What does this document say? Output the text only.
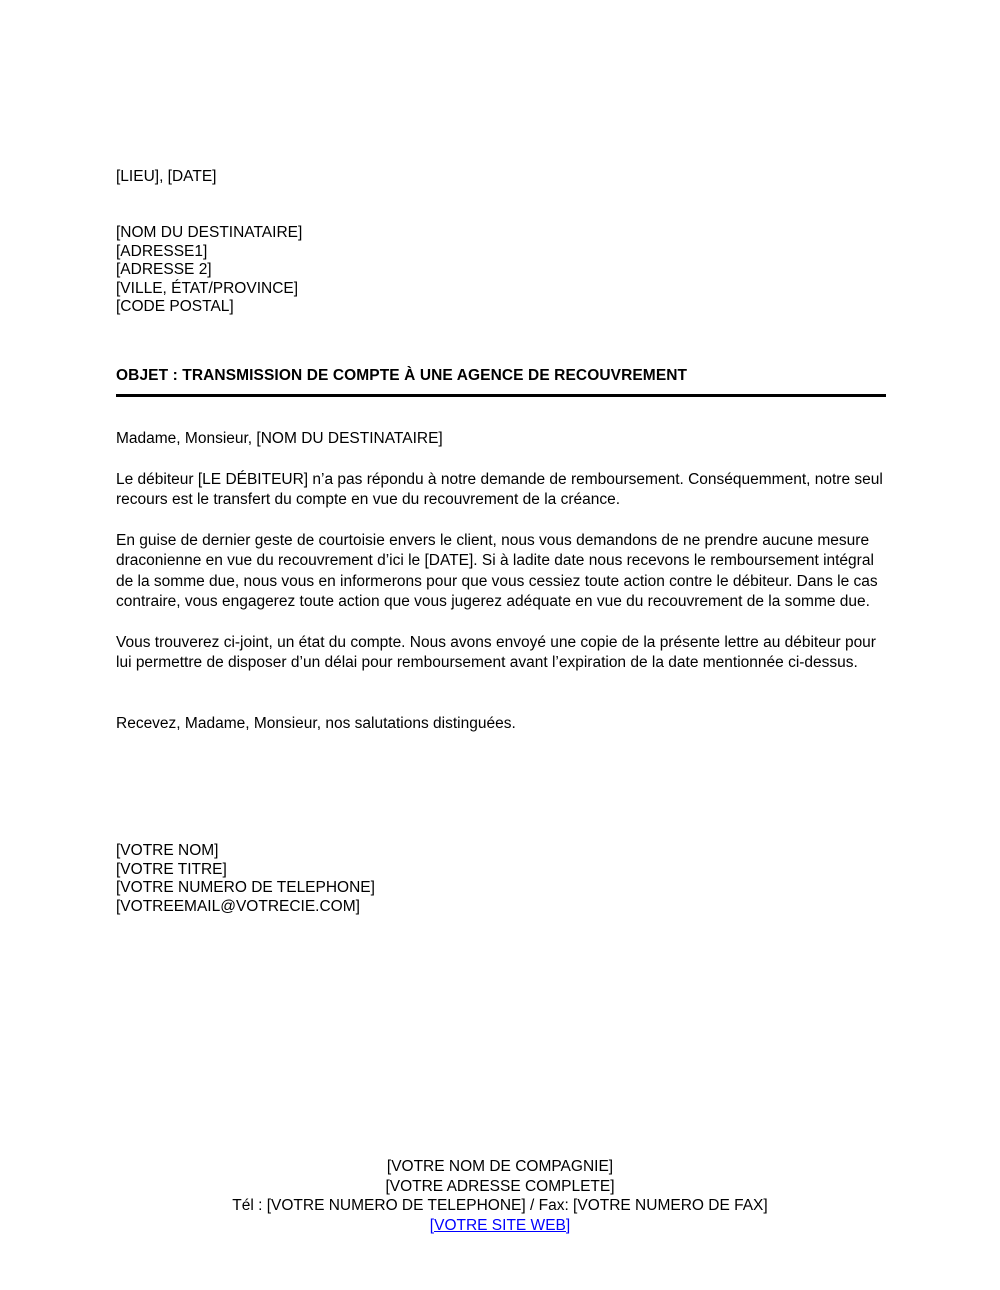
[LIEU], [DATE]
[NOM DU DESTINATAIRE]
[ADRESSE1]
[ADRESSE 2]
[VILLE, ÉTAT/PROVINCE]
[CODE POSTAL]
OBJET : TRANSMISSION DE COMPTE À UNE AGENCE DE RECOUVREMENT

Madame, Monsieur, [NOM DU DESTINATAIRE]

Le débiteur [LE DÉBITEUR] n’a pas répondu à notre demande de remboursement. Conséquemment, notre seul recours est le transfert du compte en vue du recouvrement de la créance.

En guise de dernier geste de courtoisie envers le client, nous vous demandons de ne prendre aucune mesure draconienne en vue du recouvrement d’ici le [DATE]. Si à ladite date nous recevons le remboursement intégral de la somme due, nous vous en informerons pour que vous cessiez toute action contre le débiteur. Dans le cas contraire, vous engagerez toute action que vous jugerez adéquate en vue du recouvrement de la somme due.

Vous trouverez ci-joint, un état du compte. Nous avons envoyé une copie de la présente lettre au débiteur pour lui permettre de disposer d’un délai pour remboursement avant l’expiration de la date mentionnée ci-dessus.

Recevez, Madame, Monsieur, nos salutations distinguées.

[VOTRE NOM]
[VOTRE TITRE]
[VOTRE NUMERO DE TELEPHONE]
[VOTREEMAIL@VOTRECIE.COM]
[VOTRE NOM DE COMPAGNIE]
[VOTRE ADRESSE COMPLETE]
Tél : [VOTRE NUMERO DE TELEPHONE] / Fax: [VOTRE NUMERO DE FAX]
[VOTRE SITE WEB]
